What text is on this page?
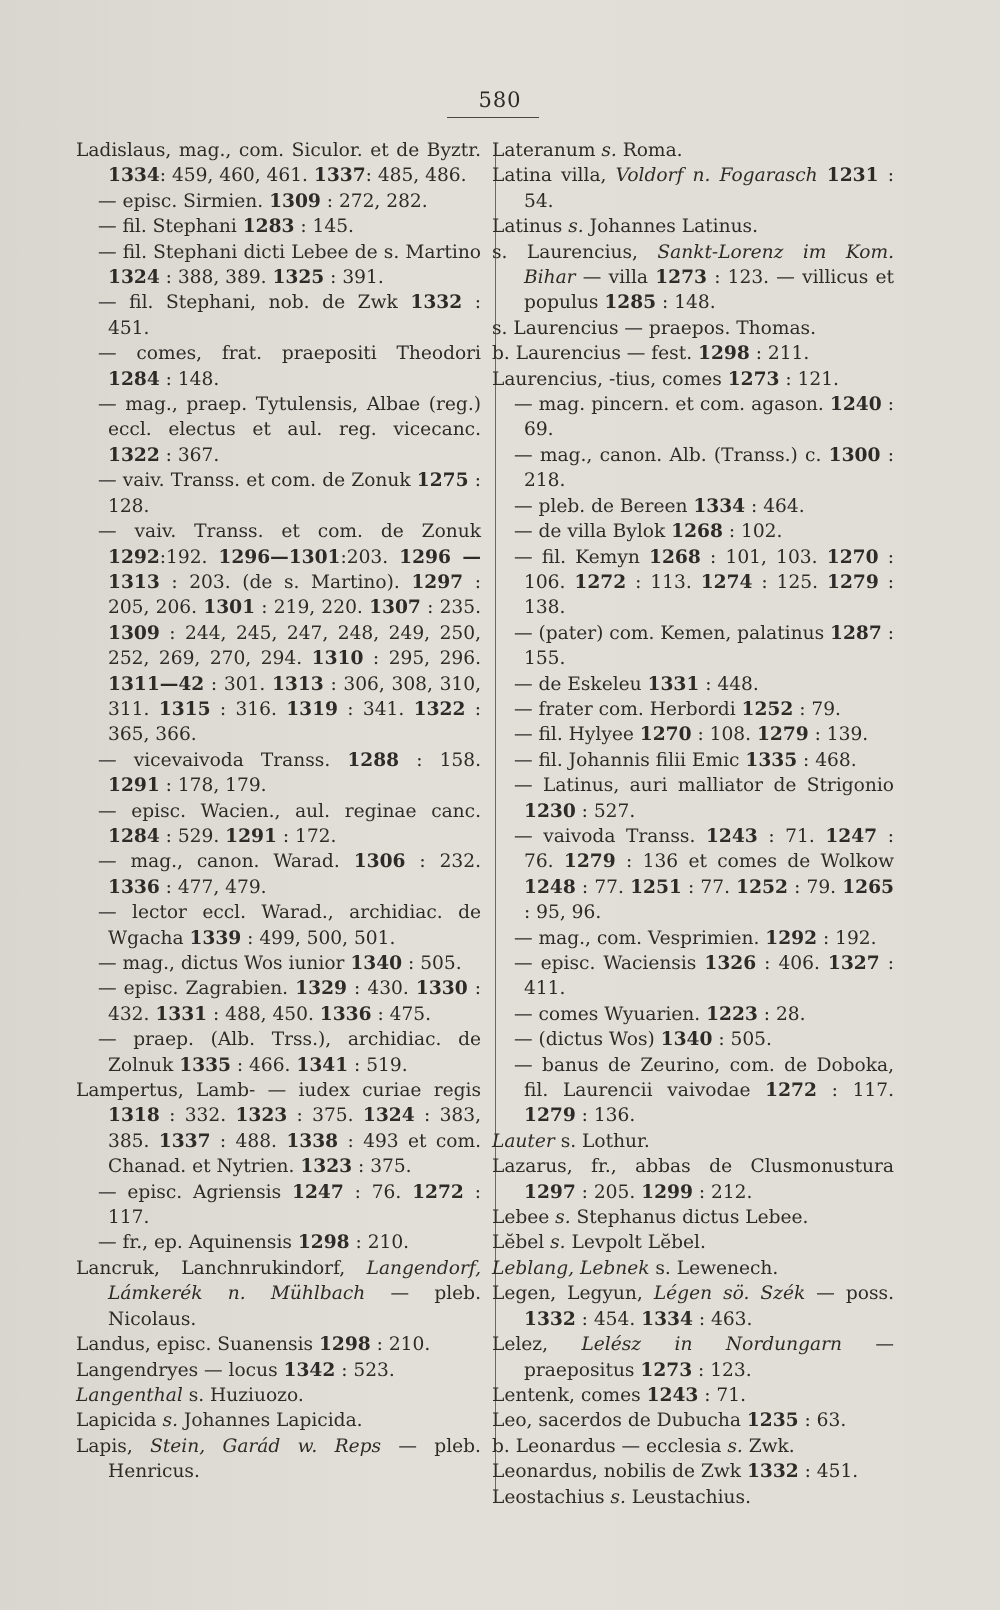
580

Ladislaus, mag., com. Siculor. et de Byztr. 1334: 459, 460, 461. 1337: 485, 486.

— episc. Sirmien. 1309 : 272, 282.

— fil. Stephani 1283 : 145.

— fil. Stephani dicti Lebee de s. Martino 1324 : 388, 389. 1325 : 391.

— fil. Stephani, nob. de Zwk 1332 : 451.

— comes, frat. praepositi Theodori 1284 : 148.

— mag., praep. Tytulensis, Albae (reg.) eccl. electus et aul. reg. vicecanc. 1322 : 367.

— vaiv. Transs. et com. de Zonuk 1275 : 128.

— vaiv. Transs. et com. de Zonuk 1292:192. 1296—1301:203. 1296 —1313 : 203. (de s. Martino). 1297 : 205, 206. 1301 : 219, 220. 1307 : 235. 1309 : 244, 245, 247, 248, 249, 250, 252, 269, 270, 294. 1310 : 295, 296. 1311—42 : 301. 1313 : 306, 308, 310, 311. 1315 : 316. 1319 : 341. 1322 : 365, 366.

— vicevaivoda Transs. 1288 : 158. 1291 : 178, 179.

— episc. Wacien., aul. reginae canc. 1284 : 529. 1291 : 172.

— mag., canon. Warad. 1306 : 232. 1336 : 477, 479.

— lector eccl. Warad., archidiac. de Wgacha 1339 : 499, 500, 501.

— mag., dictus Wos iunior 1340 : 505.

— episc. Zagrabien. 1329 : 430. 1330 : 432. 1331 : 488, 450. 1336 : 475.

— praep. (Alb. Trss.), archidiac. de Zolnuk 1335 : 466. 1341 : 519.

Lampertus, Lamb- — iudex curiae regis 1318 : 332. 1323 : 375. 1324 : 383, 385. 1337 : 488. 1338 : 493 et com. Chanad. et Nytrien. 1323 : 375.

— episc. Agriensis 1247 : 76. 1272 : 117.

— fr., ep. Aquinensis 1298 : 210.

Lancruk, Lanchnrukindorf, Langendorf, Lámkerék n. Mühlbach — pleb. Nicolaus.

Landus, episc. Suanensis 1298 : 210.

Langendryes — locus 1342 : 523.

Langenthal s. Huziuozo.

Lapicida s. Johannes Lapicida.

Lapis, Stein, Garád w. Reps — pleb. Henricus.

Lateranum s. Roma.

Latina villa, Voldorf n. Fogarasch 1231 : 54.

Latinus s. Johannes Latinus.

s. Laurencius, Sankt-Lorenz im Kom. Bihar — villa 1273 : 123. — villicus et populus 1285 : 148.

s. Laurencius — praepos. Thomas.

b. Laurencius — fest. 1298 : 211.

Laurencius, -tius, comes 1273 : 121.

— mag. pincern. et com. agason. 1240 : 69.

— mag., canon. Alb. (Transs.) c. 1300 : 218.

— pleb. de Bereen 1334 : 464.

— de villa Bylok 1268 : 102.

— fil. Kemyn 1268 : 101, 103. 1270 : 106. 1272 : 113. 1274 : 125. 1279 : 138.

— (pater) com. Kemen, palatinus 1287 : 155.

— de Eskeleu 1331 : 448.

— frater com. Herbordi 1252 : 79.

— fil. Hylyee 1270 : 108. 1279 : 139.

— fil. Johannis filii Emic 1335 : 468.

— Latinus, auri malliator de Strigonio 1230 : 527.

— vaivoda Transs. 1243 : 71. 1247 : 76. 1279 : 136 et comes de Wolkow 1248 : 77. 1251 : 77. 1252 : 79. 1265 : 95, 96.

— mag., com. Vesprimien. 1292 : 192.

— episc. Waciensis 1326 : 406. 1327 : 411.

— comes Wyuarien. 1223 : 28.

— (dictus Wos) 1340 : 505.

— banus de Zeurino, com. de Doboka, fil. Laurencii vaivodae 1272 : 117. 1279 : 136.

Lauter s. Lothur.

Lazarus, fr., abbas de Clusmonustura 1297 : 205. 1299 : 212.

Lebee s. Stephanus dictus Lebee.

Lĕbel s. Levpolt Lĕbel.

Leblang, Lebnek s. Lewenech.

Legen, Legyun, Légen sö. Szék — poss. 1332 : 454. 1334 : 463.

Lelez, Lelész in Nordungarn — praepositus 1273 : 123.

Lentenk, comes 1243 : 71.

Leo, sacerdos de Dubucha 1235 : 63.

b. Leonardus — ecclesia s. Zwk.

Leonardus, nobilis de Zwk 1332 : 451.

Leostachius s. Leustachius.
